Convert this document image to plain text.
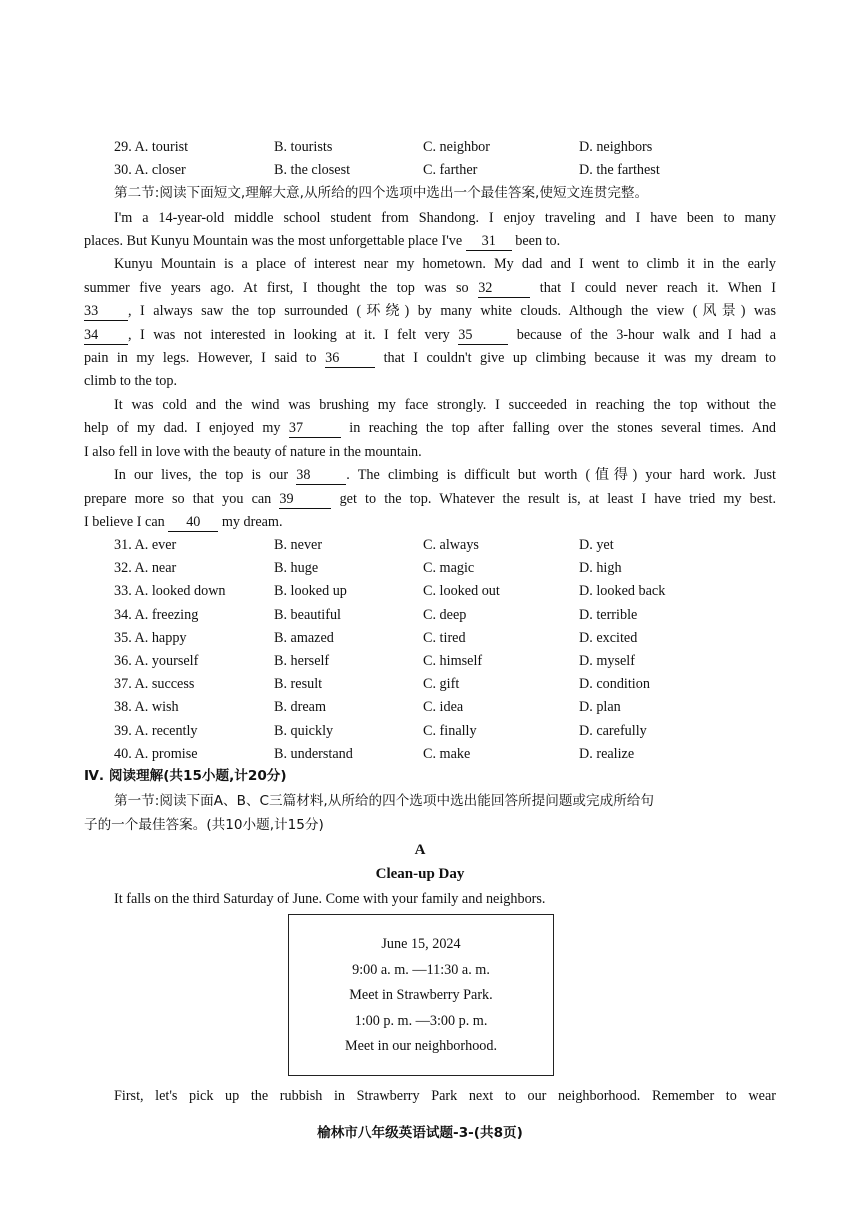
29. A. tourist	B. tourists	C. neighbor	D. neighbors
30. A. closer	B. the closest	C. farther	D. the farthest
第二节:阅读下面短文,理解大意,从所给的四个选项中选出一个最佳答案,使短文连贯完整。
I'm a 14-year-old middle school student from Shandong. I enjoy traveling and I have been to many
places. But Kunyu Mountain was the most unforgettable place I've 31 been to.
Kunyu Mountain is a place of interest near my hometown. My dad and I went to climb it in the early
summer five years ago. At first, I thought the top was so 32	that I could never reach it. When I
33 , I always saw the top surrounded (环绕) by many white clouds. Although the view (风景) was
34 , I was not interested in looking at it. I felt very 35	because of the 3-hour walk and I had a
pain in my legs. However, I said to 36	that I couldn't give up climbing because it was my dream to
climb to the top.
It was cold and the wind was brushing my face strongly. I succeeded in reaching the top without the
help of my dad. I enjoyed my 37	in reaching the top after falling over the stones several times. And
I also fell in love with the beauty of nature in the mountain.
In our lives, the top is our 38	. The climbing is difficult but worth (值得) your hard work. Just
prepare more so that you can 39	get to the top. Whatever the result is, at least I have tried my best.
I believe I can 40 my dream.
31. A. ever	B. never	C. always	D. yet
32. A. near	B. huge	C. magic	D. high
33. A. looked down	B. looked up	C. looked out	D. looked back
34. A. freezing	B. beautiful	C. deep	D. terrible
35. A. happy	B. amazed	C. tired	D. excited
36. A. yourself	B. herself	C. himself	D. myself
37. A. success	B. result	C. gift	D. condition
38. A. wish	B. dream	C. idea	D. plan
39. A. recently	B. quickly	C. finally	D. carefully
40. A. promise	B. understand	C. make	D. realize
Ⅳ. 阅读理解(共15小题,计20分)
第一节:阅读下面A、B、C三篇材料,从所给的四个选项中选出能回答所提问题或完成所给句
子的一个最佳答案。(共10小题,计15分)
A
Clean-up Day
It falls on the third Saturday of June. Come with your family and neighbors.
June 15, 2024
9:00 a. m. —11:30 a. m.
Meet in Strawberry Park.
1:00 p. m. —3:00 p. m.
Meet in our neighborhood.
First, let's pick up the rubbish in Strawberry Park next to our neighborhood. Remember to wear
榆林市八年级英语试题-3-(共8页)
